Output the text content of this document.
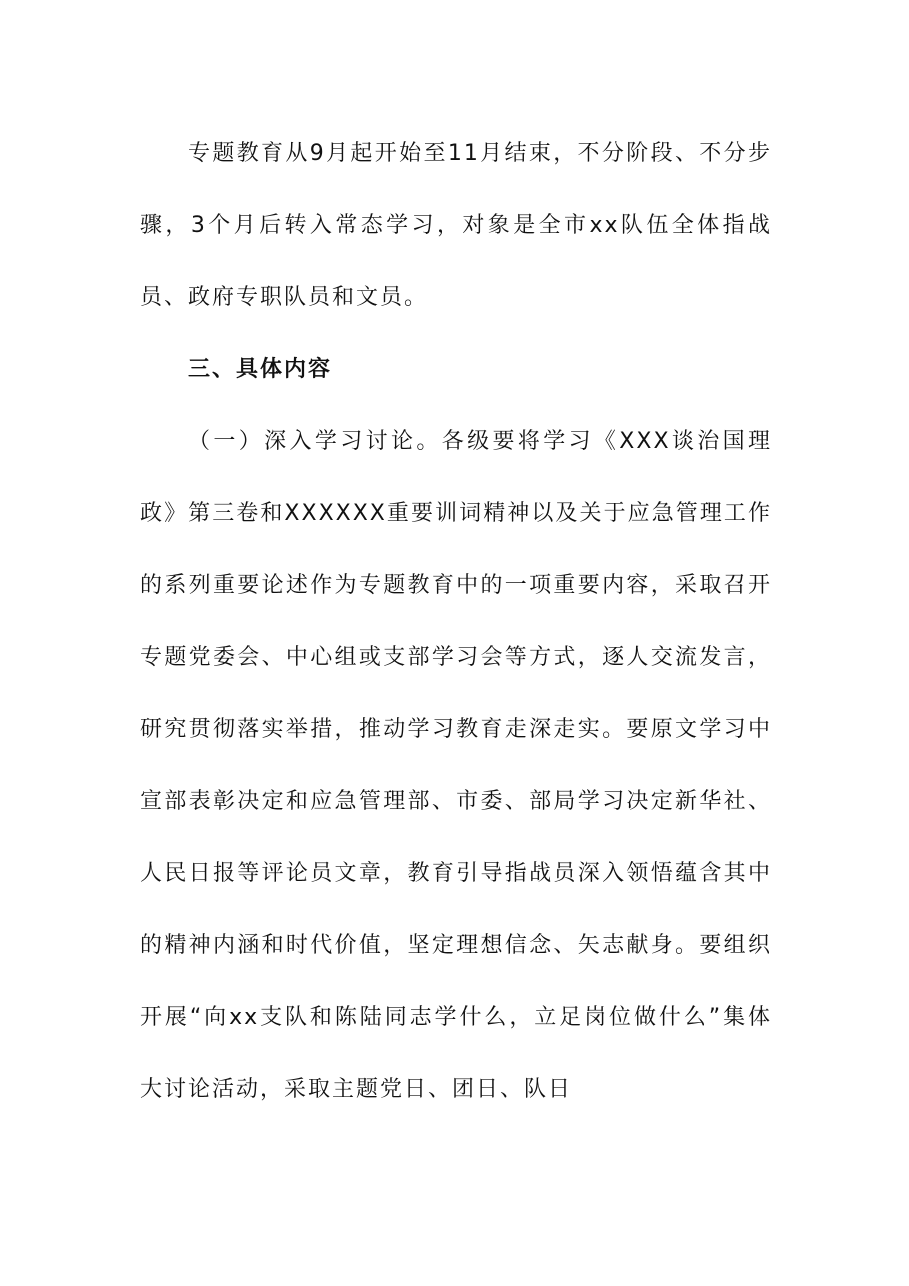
专题教育从9月起开始至11月结束，不分阶段、不分步骤，3个月后转入常态学习，对象是全市xx队伍全体指战员、政府专职队员和文员。

三、具体内容

（一）深入学习讨论。各级要将学习《XXX谈治国理政》第三卷和XXXXXX重要训词精神以及关于应急管理工作的系列重要论述作为专题教育中的一项重要内容，采取召开专题党委会、中心组或支部学习会等方式，逐人交流发言，研究贯彻落实举措，推动学习教育走深走实。要原文学习中宣部表彰决定和应急管理部、市委、部局学习决定新华社、人民日报等评论员文章，教育引导指战员深入领悟蕴含其中的精神内涵和时代价值，坚定理想信念、矢志献身。要组织开展“向xx支队和陈陆同志学什么，立足岗位做什么”集体大讨论活动，采取主题党日、团日、队日
